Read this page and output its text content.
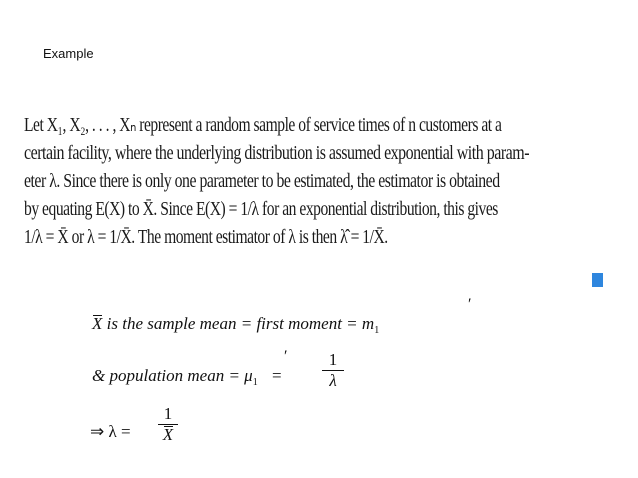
Example
Let X₁, X₂, . . . , Xₙ represent a random sample of service times of n customers at a
certain facility, where the underlying distribution is assumed exponential with param-
eter λ. Since there is only one parameter to be estimated, the estimator is obtained
by equating E(X) to X̄. Since E(X) = 1/λ for an exponential distribution, this gives
1/λ = X̄ or λ = 1/X̄. The moment estimator of λ is then λ̂ = 1/X̄.
X is the sample mean = first moment = $m_1$
′
& population mean = $\mu_1$ =
′	1
λ
⇒ λ =
1
X
